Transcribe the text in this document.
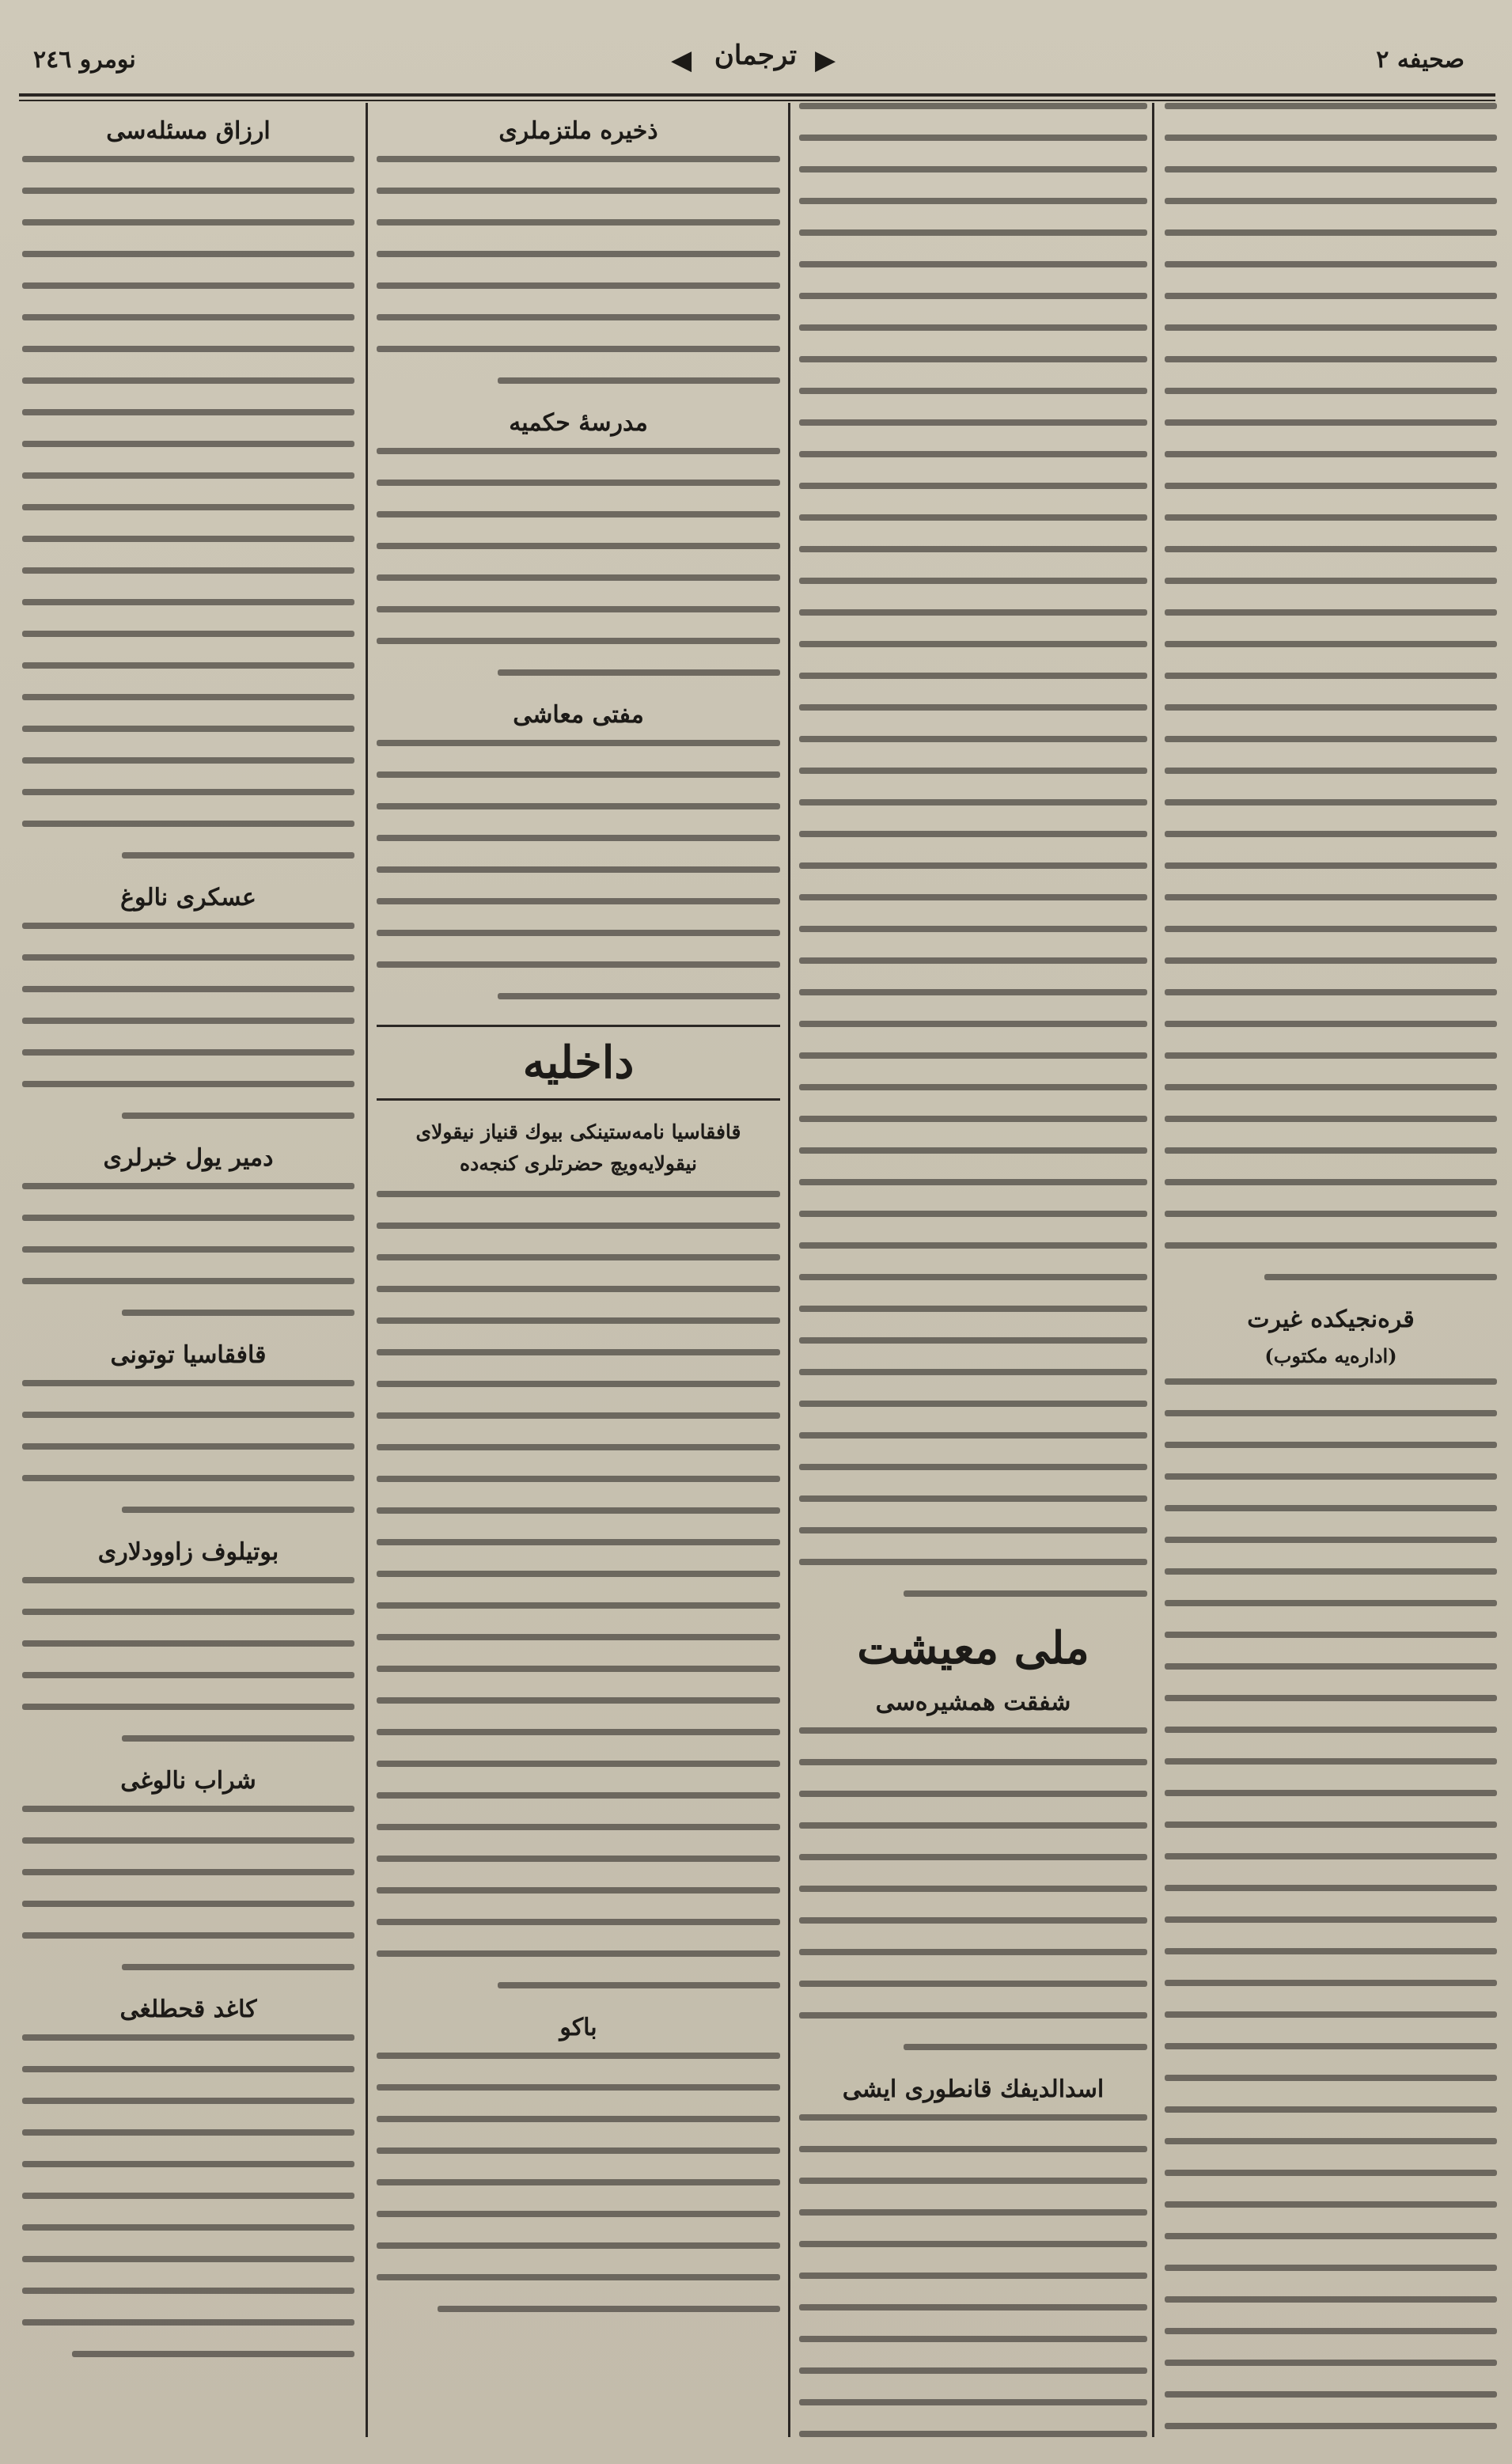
نومرو ٢٤٦	◀ ترجمان ▶	صحیفه ٢
قره‌نجیکده غیرت
(اداره‌یه مکتوب)
ملی معیشت
شفقت همشیره‌سی
اسدالدیفك قانطوری ایشی
ذخیره ملتزملری
مدرسهٔ حکمیه
مفتی معاشی
داخلیه
قافقاسیا نامه‌ستینکی بیوك قنیاز نیقولای نیقولایه‌ویچ حضرتلری کنجه‌ده
باکو
ارزاق مسئله‌سی
عسکری نالوغ
دمیر یول خبرلری
قافقاسیا توتونی
بوتیلوف زاوودلاری
شراب نالوغی
کاغد قحطلغی
